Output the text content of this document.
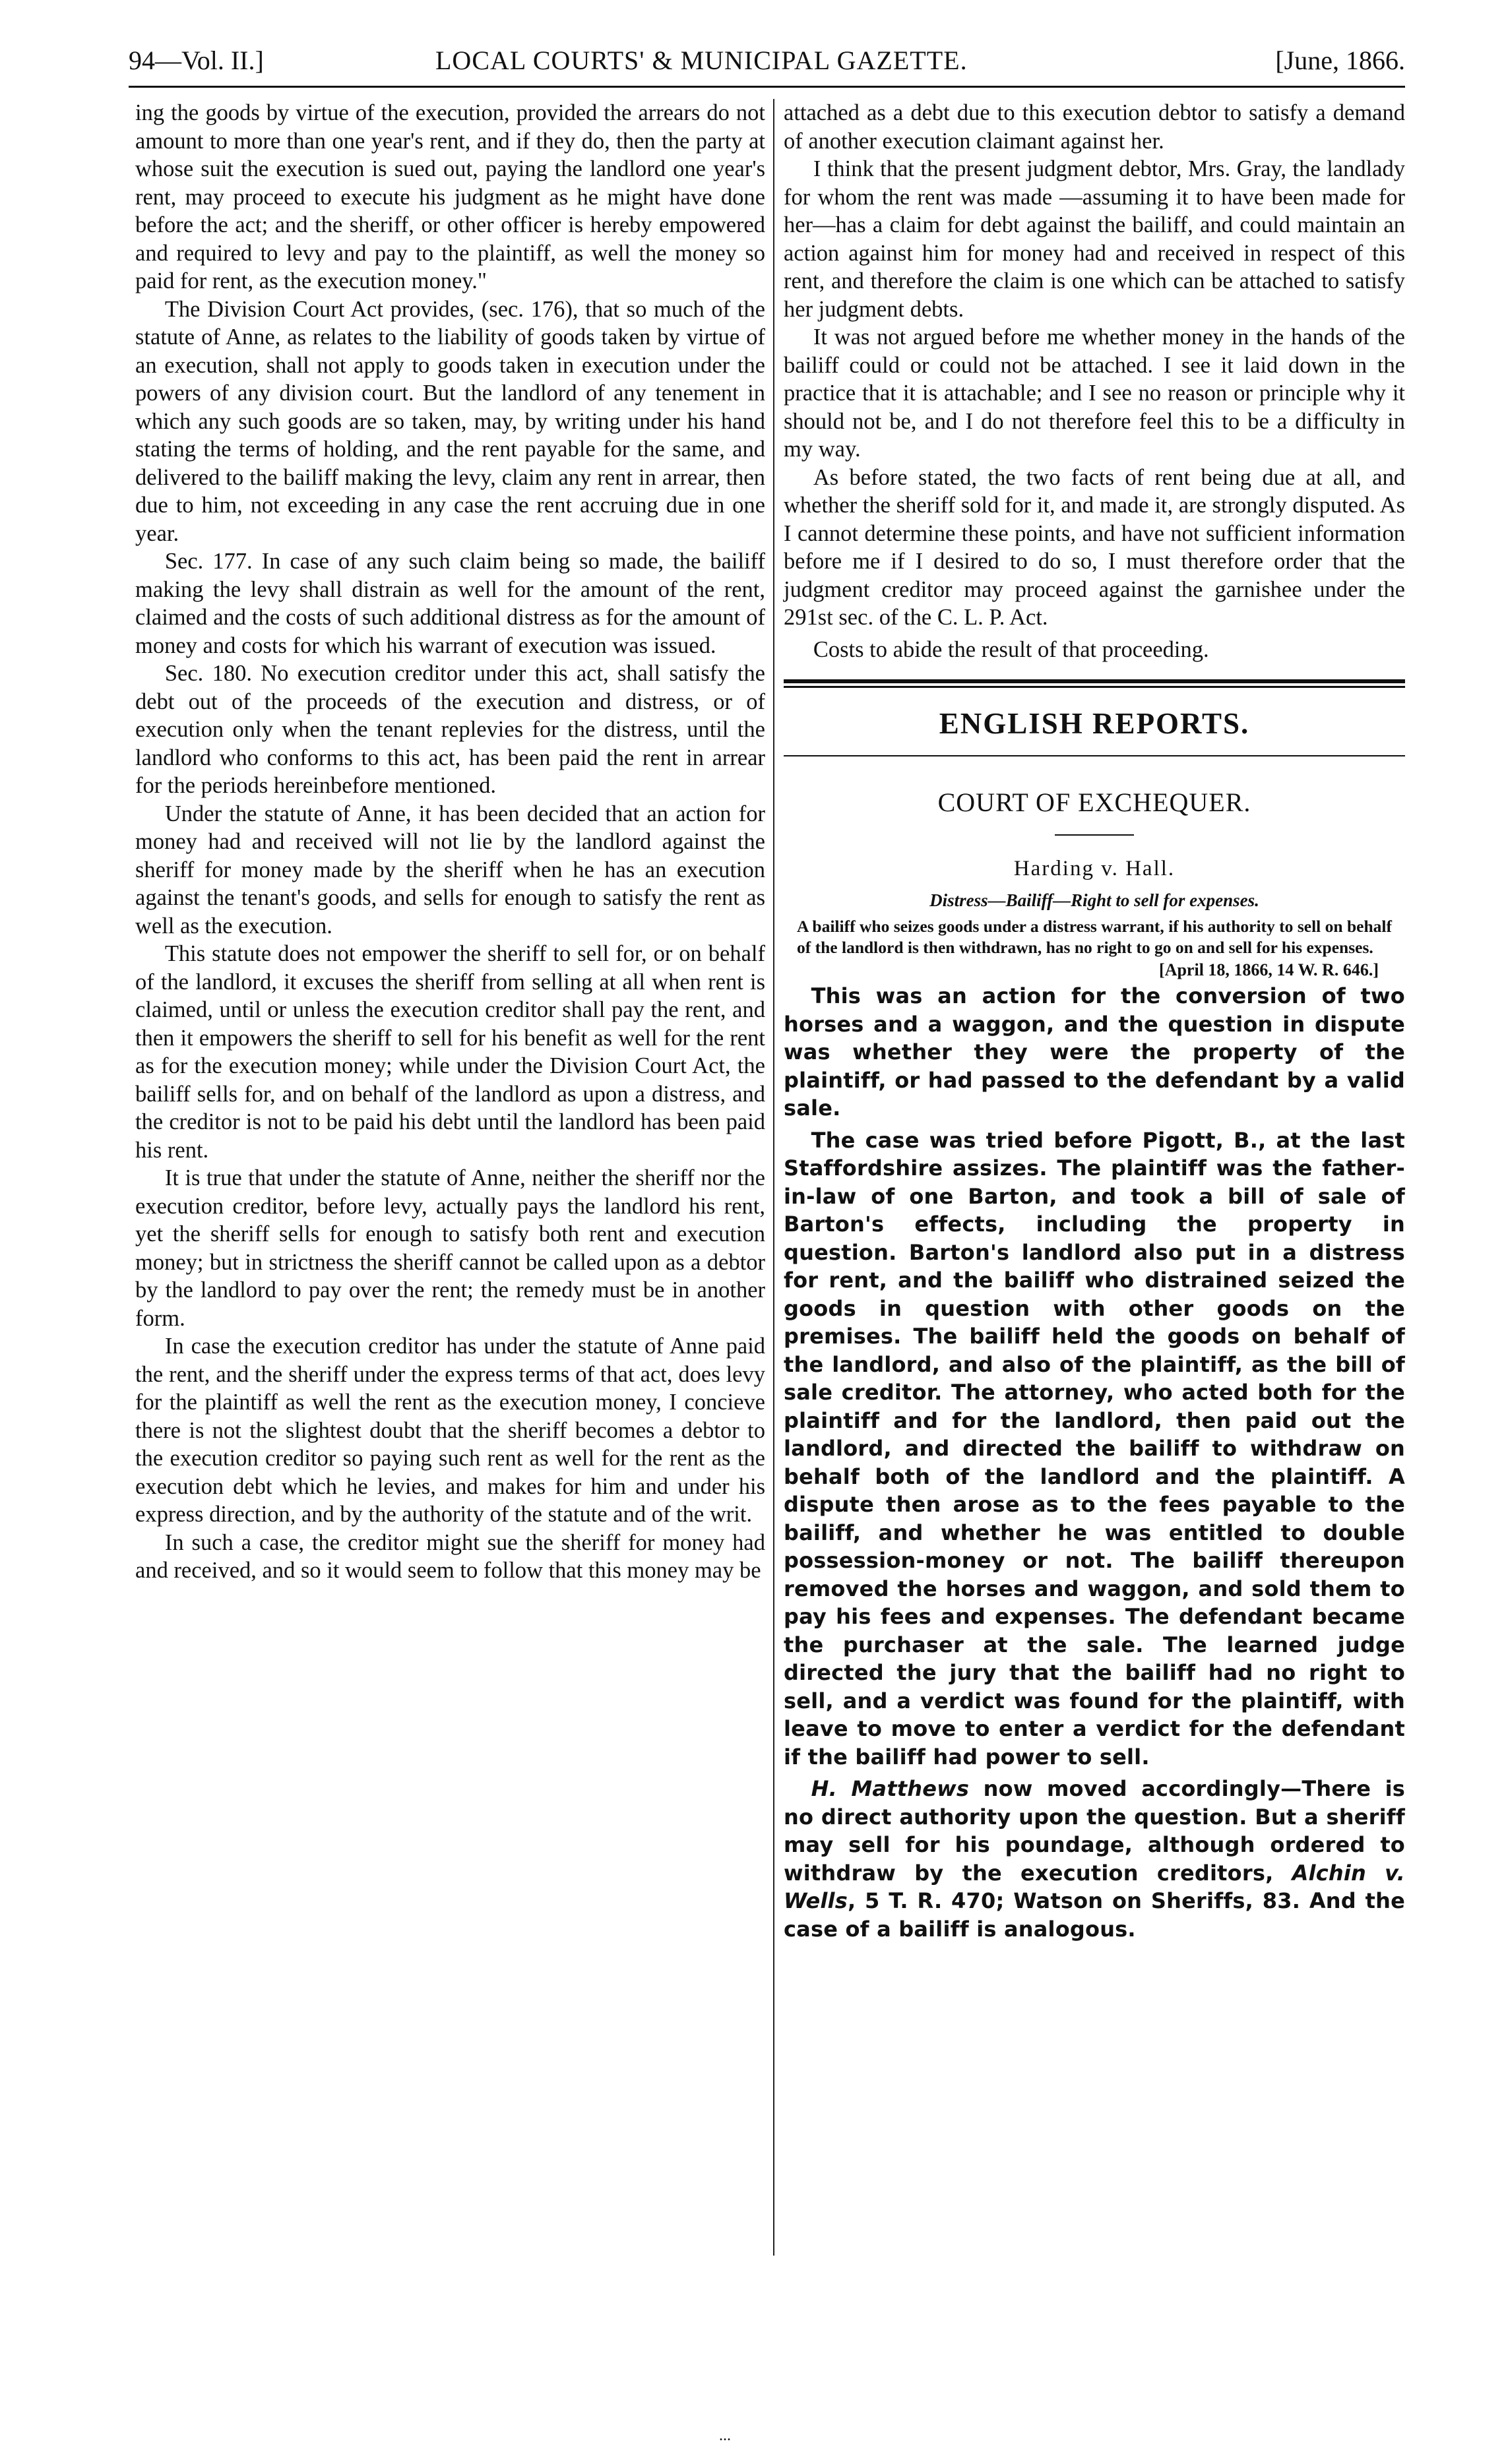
94—Vol. II.]	LOCAL COURTS' & MUNICIPAL GAZETTE.	[June, 1866.

ing the goods by virtue of the execution, provided the arrears do not amount to more than one year's rent, and if they do, then the party at whose suit the execution is sued out, paying the landlord one year's rent, may proceed to execute his judgment as he might have done before the act; and the sheriff, or other officer is hereby empowered and required to levy and pay to the plaintiff, as well the money so paid for rent, as the execution money."

The Division Court Act provides, (sec. 176), that so much of the statute of Anne, as relates to the liability of goods taken by virtue of an execution, shall not apply to goods taken in execution under the powers of any division court. But the landlord of any tenement in which any such goods are so taken, may, by writing under his hand stating the terms of holding, and the rent payable for the same, and delivered to the bailiff making the levy, claim any rent in arrear, then due to him, not exceeding in any case the rent accruing due in one year.

Sec. 177. In case of any such claim being so made, the bailiff making the levy shall distrain as well for the amount of the rent, claimed and the costs of such additional distress as for the amount of money and costs for which his warrant of execution was issued.

Sec. 180. No execution creditor under this act, shall satisfy the debt out of the proceeds of the execution and distress, or of execution only when the tenant replevies for the distress, until the landlord who conforms to this act, has been paid the rent in arrear for the periods hereinbefore mentioned.

Under the statute of Anne, it has been decided that an action for money had and received will not lie by the landlord against the sheriff for money made by the sheriff when he has an execution against the tenant's goods, and sells for enough to satisfy the rent as well as the execution.

This statute does not empower the sheriff to sell for, or on behalf of the landlord, it excuses the sheriff from selling at all when rent is claimed, until or unless the execution creditor shall pay the rent, and then it empowers the sheriff to sell for his benefit as well for the rent as for the execution money; while under the Division Court Act, the bailiff sells for, and on behalf of the landlord as upon a distress, and the creditor is not to be paid his debt until the landlord has been paid his rent.

It is true that under the statute of Anne, neither the sheriff nor the execution creditor, before levy, actually pays the landlord his rent, yet the sheriff sells for enough to satisfy both rent and execution money; but in strictness the sheriff cannot be called upon as a debtor by the landlord to pay over the rent; the remedy must be in another form.

In case the execution creditor has under the statute of Anne paid the rent, and the sheriff under the express terms of that act, does levy for the plaintiff as well the rent as the execution money, I concieve there is not the slightest doubt that the sheriff becomes a debtor to the execution creditor so paying such rent as well for the rent as the execution debt which he levies, and makes for him and under his express direction, and by the authority of the statute and of the writ.

In such a case, the creditor might sue the sheriff for money had and received, and so it would seem to follow that this money may be

attached as a debt due to this execution debtor to satisfy a demand of another execution claimant against her.

I think that the present judgment debtor, Mrs. Gray, the landlady for whom the rent was made —assuming it to have been made for her—has a claim for debt against the bailiff, and could maintain an action against him for money had and received in respect of this rent, and therefore the claim is one which can be attached to satisfy her judgment debts.

It was not argued before me whether money in the hands of the bailiff could or could not be attached. I see it laid down in the practice that it is attachable; and I see no reason or principle why it should not be, and I do not therefore feel this to be a difficulty in my way.

As before stated, the two facts of rent being due at all, and whether the sheriff sold for it, and made it, are strongly disputed. As I cannot determine these points, and have not sufficient information before me if I desired to do so, I must therefore order that the judgment creditor may proceed against the garnishee under the 291st sec. of the C. L. P. Act.

Costs to abide the result of that proceeding.

ENGLISH REPORTS.
COURT OF EXCHEQUER.
Harding v. Hall.
Distress—Bailiff—Right to sell for expenses.

A bailiff who seizes goods under a distress warrant, if his authority to sell on behalf of the landlord is then withdrawn, has no right to go on and sell for his expenses.

[April 18, 1866, 14 W. R. 646.]

This was an action for the conversion of two horses and a waggon, and the question in dispute was whether they were the property of the plaintiff, or had passed to the defendant by a valid sale.

The case was tried before Pigott, B., at the last Staffordshire assizes. The plaintiff was the father-in-law of one Barton, and took a bill of sale of Barton's effects, including the property in question. Barton's landlord also put in a distress for rent, and the bailiff who distrained seized the goods in question with other goods on the premises. The bailiff held the goods on behalf of the landlord, and also of the plaintiff, as the bill of sale creditor. The attorney, who acted both for the plaintiff and for the landlord, then paid out the landlord, and directed the bailiff to withdraw on behalf both of the landlord and the plaintiff. A dispute then arose as to the fees payable to the bailiff, and whether he was entitled to double possession-money or not. The bailiff thereupon removed the horses and waggon, and sold them to pay his fees and expenses. The defendant became the purchaser at the sale. The learned judge directed the jury that the bailiff had no right to sell, and a verdict was found for the plaintiff, with leave to move to enter a verdict for the defendant if the bailiff had power to sell.

H. Matthews now moved accordingly—There is no direct authority upon the question. But a sheriff may sell for his poundage, although ordered to withdraw by the execution creditors, Alchin v. Wells, 5 T. R. 470; Watson on Sheriffs, 83. And the case of a bailiff is analogous.

...
